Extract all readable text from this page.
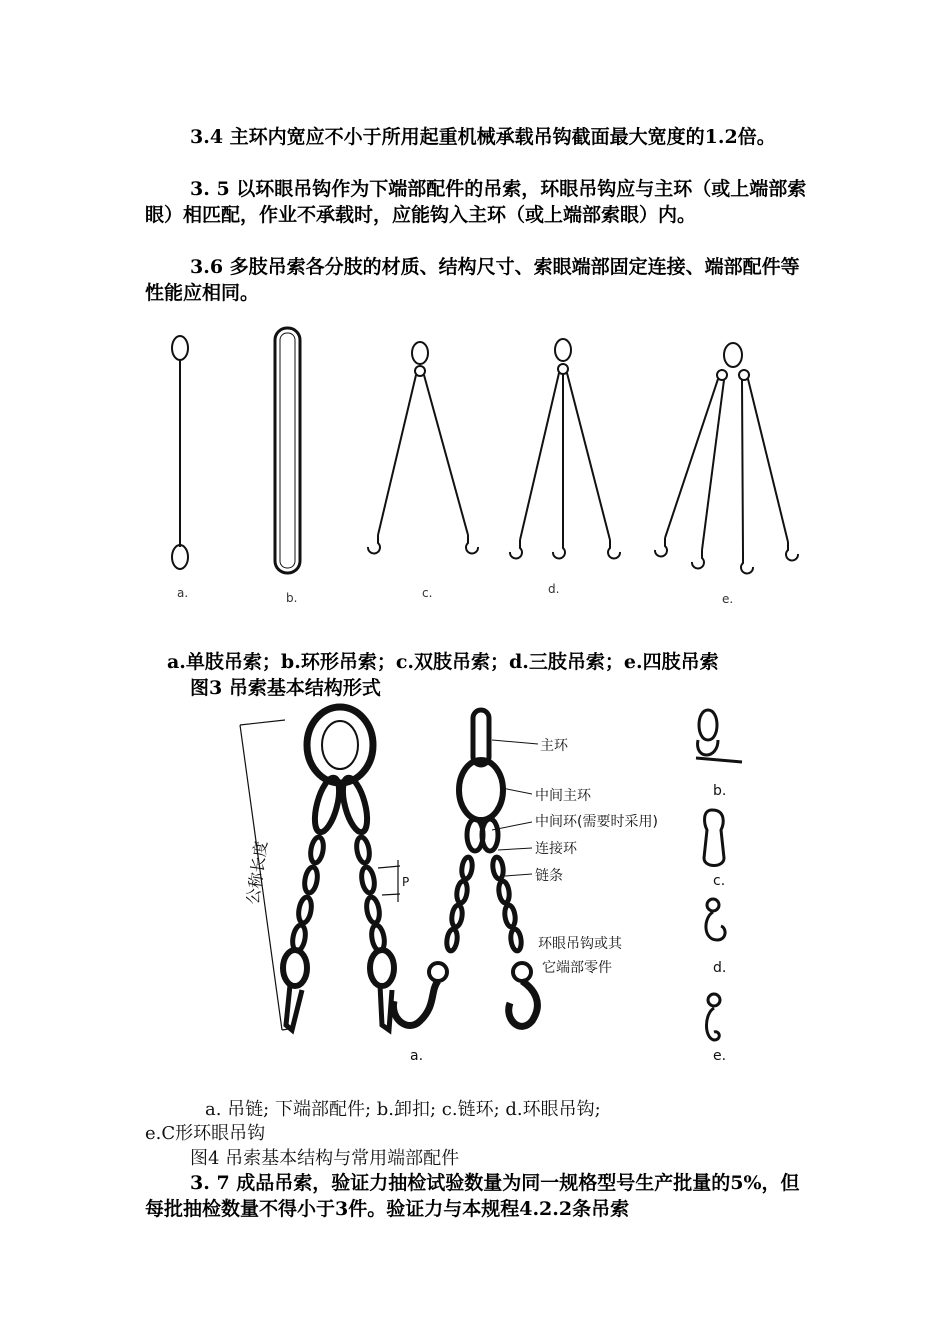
3.4 主环内宽应不小于所用起重机械承载吊钩截面最大宽度的1.2倍。
3. 5 以环眼吊钩作为下端部配件的吊索，环眼吊钩应与主环（或上端部索眼）相匹配，作业不承载时，应能钩入主环（或上端部索眼）内。
3.6 多肢吊索各分肢的材质、结构尺寸、索眼端部固定连接、端部配件等性能应相同。
a.	b.	c.	d.
e.
a.单肢吊索；b.环形吊索；c.双肢吊索；d.三肢吊索；e.四肢吊索
图3 吊索基本结构形式
公称长度	P
a.
主环
中间主环
中间环(需要时采用)
连接环
链条
环眼吊钩或其
它端部零件
b.
c.
d.
e.
a. 吊链; 下端部配件; b.卸扣; c.链环; d.环眼吊钩;
e.C形环眼吊钩
图4 吊索基本结构与常用端部配件
3. 7 成品吊索，验证力抽检试验数量为同一规格型号生产批量的5%，但每批抽检数量不得小于3件。验证力与本规程4.2.2条吊索
